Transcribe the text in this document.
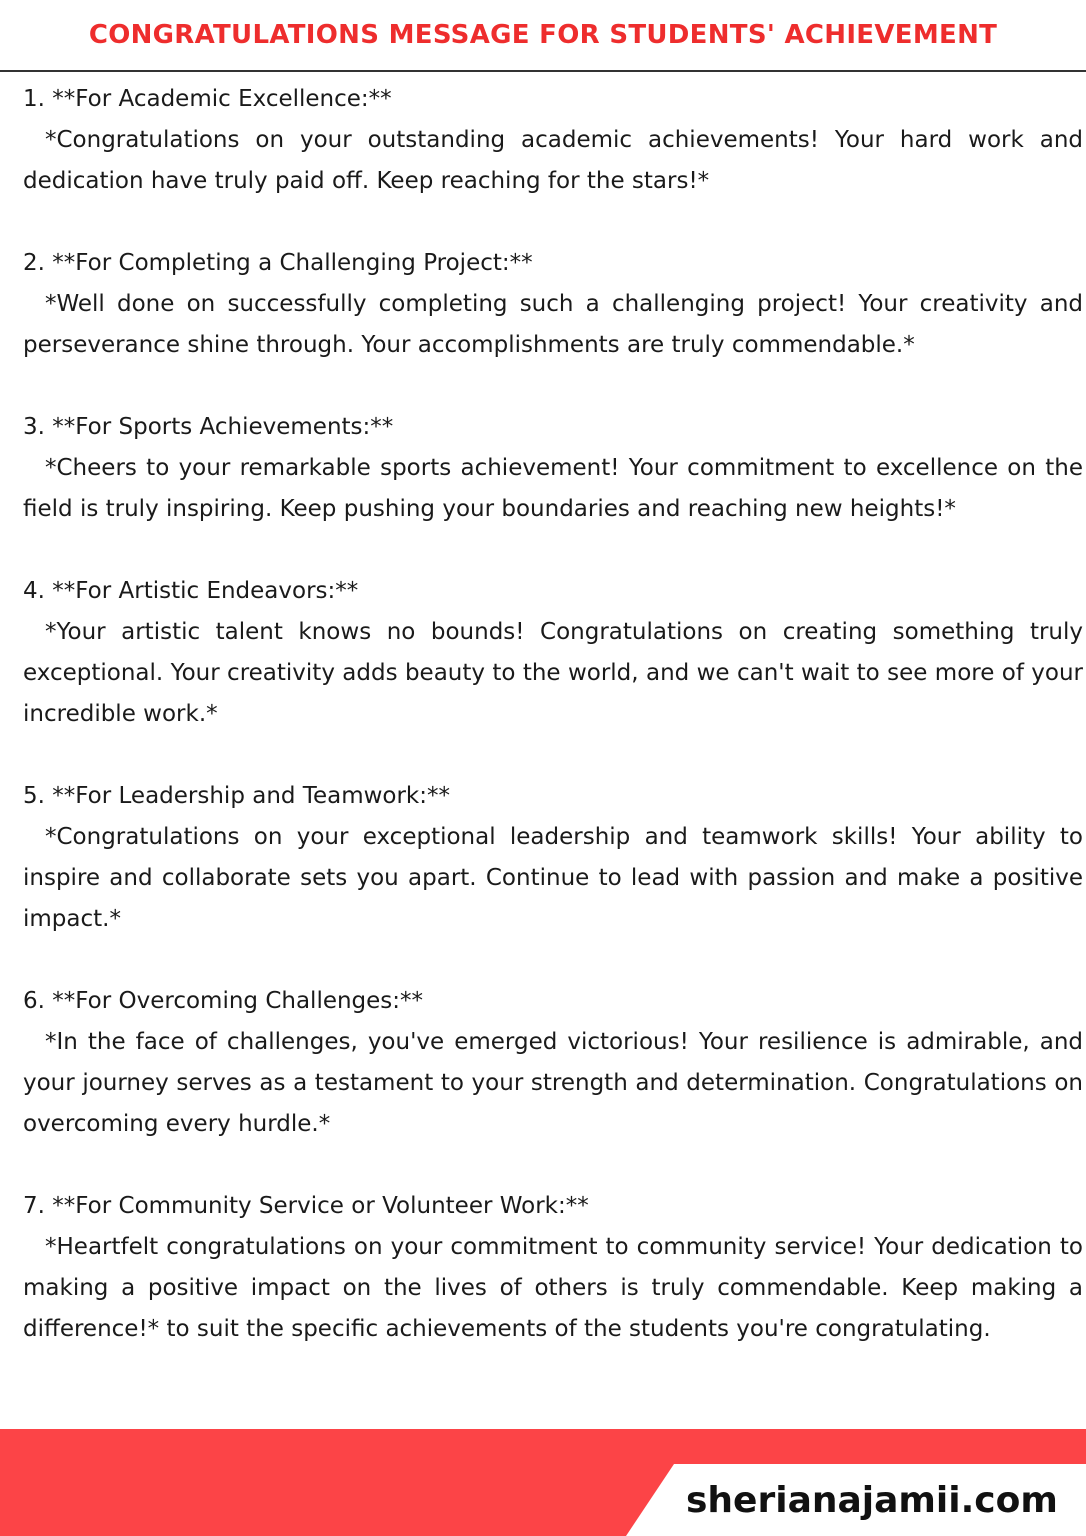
CONGRATULATIONS MESSAGE FOR STUDENTS' ACHIEVEMENT

1. **For Academic Excellence:**

*Congratulations on your outstanding academic achievements! Your hard work and dedication have truly paid off. Keep reaching for the stars!*

2. **For Completing a Challenging Project:**

*Well done on successfully completing such a challenging project! Your creativity and perseverance shine through. Your accomplishments are truly commendable.*

3. **For Sports Achievements:**

*Cheers to your remarkable sports achievement! Your commitment to excellence on the field is truly inspiring. Keep pushing your boundaries and reaching new heights!*

4. **For Artistic Endeavors:**

*Your artistic talent knows no bounds! Congratulations on creating something truly exceptional. Your creativity adds beauty to the world, and we can't wait to see more of your incredible work.*

5. **For Leadership and Teamwork:**

*Congratulations on your exceptional leadership and teamwork skills! Your ability to inspire and collaborate sets you apart. Continue to lead with passion and make a positive impact.*

6. **For Overcoming Challenges:**

*In the face of challenges, you've emerged victorious! Your resilience is admirable, and your journey serves as a testament to your strength and determination. Congratulations on overcoming every hurdle.*

7. **For Community Service or Volunteer Work:**

*Heartfelt congratulations on your commitment to community service! Your dedication to making a positive impact on the lives of others is truly commendable. Keep making a difference!* to suit the specific achievements of the students you're congratulating.

sherianajamii.com
